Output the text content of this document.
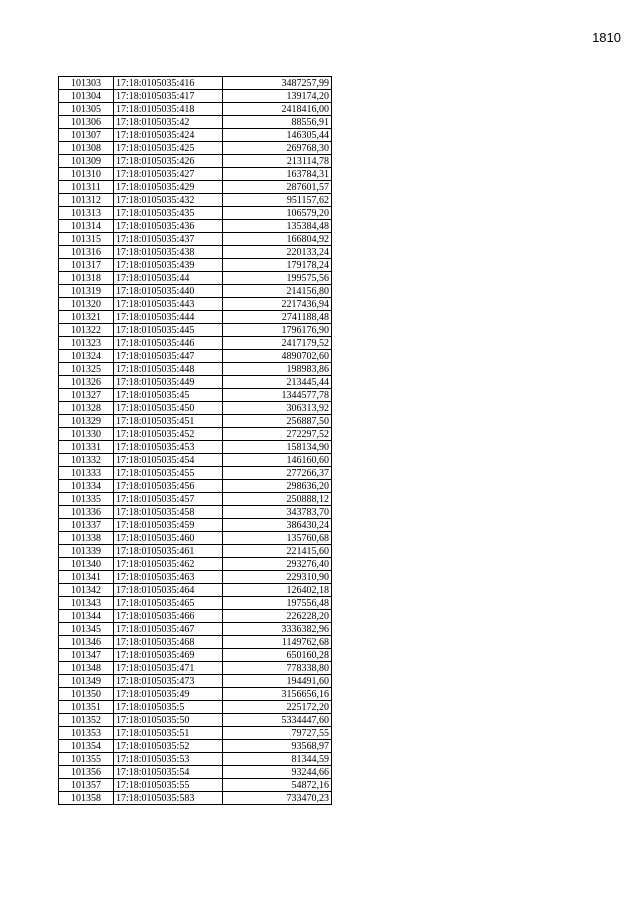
1810
101303	17:18:0105035:416	3487257,99
101304	17:18:0105035:417	139174,20
101305	17:18:0105035:418	2418416,00
101306	17:18:0105035:42	88556,91
101307	17:18:0105035:424	146305,44
101308	17:18:0105035:425	269768,30
101309	17:18:0105035:426	213114,78
101310	17:18:0105035:427	163784,31
101311	17:18:0105035:429	287601,57
101312	17:18:0105035:432	951157,62
101313	17:18:0105035:435	106579,20
101314	17:18:0105035:436	135384,48
101315	17:18:0105035:437	166804,92
101316	17:18:0105035:438	220133,24
101317	17:18:0105035:439	179178,24
101318	17:18:0105035:44	199575,56
101319	17:18:0105035:440	214156,80
101320	17:18:0105035:443	2217436,94
101321	17:18:0105035:444	2741188,48
101322	17:18:0105035:445	1796176,90
101323	17:18:0105035:446	2417179,52
101324	17:18:0105035:447	4890702,60
101325	17:18:0105035:448	198983,86
101326	17:18:0105035:449	213445,44
101327	17:18:0105035:45	1344577,78
101328	17:18:0105035:450	306313,92
101329	17:18:0105035:451	256887,50
101330	17:18:0105035:452	272297,52
101331	17:18:0105035:453	158134,90
101332	17:18:0105035:454	146160,60
101333	17:18:0105035:455	277266,37
101334	17:18:0105035:456	298636,20
101335	17:18:0105035:457	250888,12
101336	17:18:0105035:458	343783,70
101337	17:18:0105035:459	386430,24
101338	17:18:0105035:460	135760,68
101339	17:18:0105035:461	221415,60
101340	17:18:0105035:462	293276,40
101341	17:18:0105035:463	229310,90
101342	17:18:0105035:464	126402,18
101343	17:18:0105035:465	197556,48
101344	17:18:0105035:466	226228,20
101345	17:18:0105035:467	3336382,96
101346	17:18:0105035:468	1149762,68
101347	17:18:0105035:469	650160,28
101348	17:18:0105035:471	778338,80
101349	17:18:0105035:473	194491,60
101350	17:18:0105035:49	3156656,16
101351	17:18:0105035:5	225172,20
101352	17:18:0105035:50	5334447,60
101353	17:18:0105035:51	79727,55
101354	17:18:0105035:52	93568,97
101355	17:18:0105035:53	81344,59
101356	17:18:0105035:54	93244,66
101357	17:18:0105035:55	54872,16
101358	17:18:0105035:583	733470,23
